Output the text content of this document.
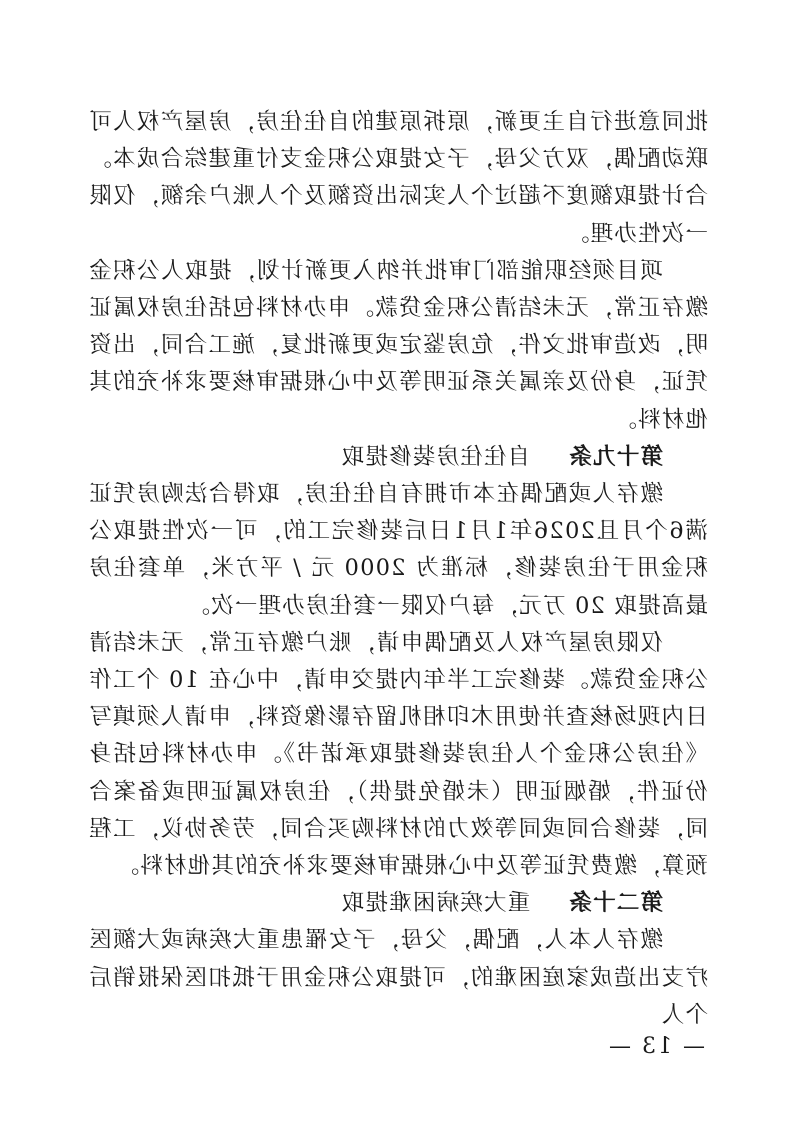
批同意进行自主更新，原拆原建的自住住房，房屋产权人可联动配偶，双方父母，子女提取公积金支付重建综合成本。合计提取额度不超过个人实际出资额及个人账户余额，仅限一次性办理。

项目须经职能部门审批并纳入更新计划，提取人公积金缴存正常，无未结清公积金贷款。申办材料包括住房权属证明，改造审批文件，危房鉴定或更新批复，施工合同，出资凭证，身份及亲属关系证明等及中心根据审核要求补充的其他材料。

第十九条自住住房装修提取

缴存人或配偶在本市拥有自住住房，取得合法购房凭证满6个月且2026年1月1日后装修完工的，可一次性提取公积金用于住房装修，标准为 2000 元 / 平方米，单套住房最高提取 20 万元，每户仅限一套住房办理一次。

仅限房屋产权人及配偶申请，账户缴存正常，无未结清公积金贷款。装修完工半年内提交申请，中心在 10 个工作日内现场核查并使用木印相机留存影像资料，申请人须填写《住房公积金个人住房装修提取承诺书》。申办材料包括身份证件，婚姻证明（未婚免提供），住房权属证明或备案合同，装修合同或同等效力的材料购买合同，劳务协议，工程预算，缴费凭证等及中心根据审核要求补充的其他材料。

第二十条重大疾病困难提取

缴存人本人，配偶，父母，子女罹患重大疾病或大额医疗支出造成家庭困难的，可提取公积金用于抵扣医保报销后个人

— 13 —
